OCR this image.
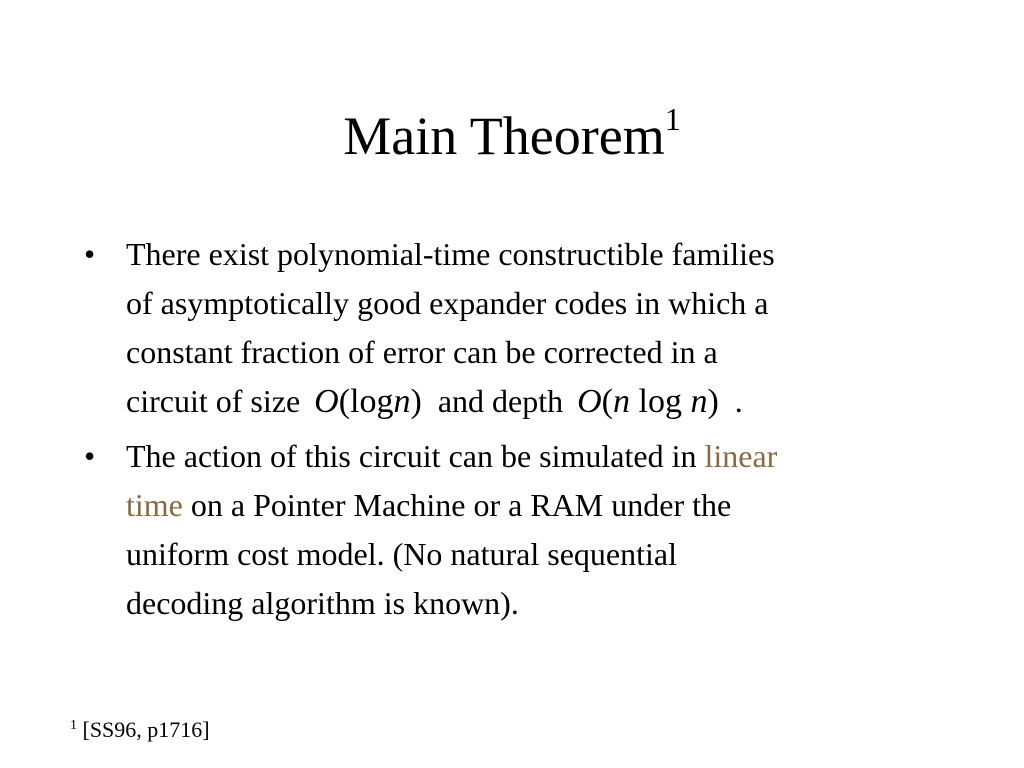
Main Theorem$^1$
• There exist polynomial-time constructible families
of asymptotically good expander codes in which a
constant fraction of error can be corrected in a
circuit of size O(logn) and depth O(n log n) .
• The action of this circuit can be simulated in linear
time on a Pointer Machine or a RAM under the
uniform cost model. (No natural sequential
decoding algorithm is known).
$^1$ [SS96, p1716]
